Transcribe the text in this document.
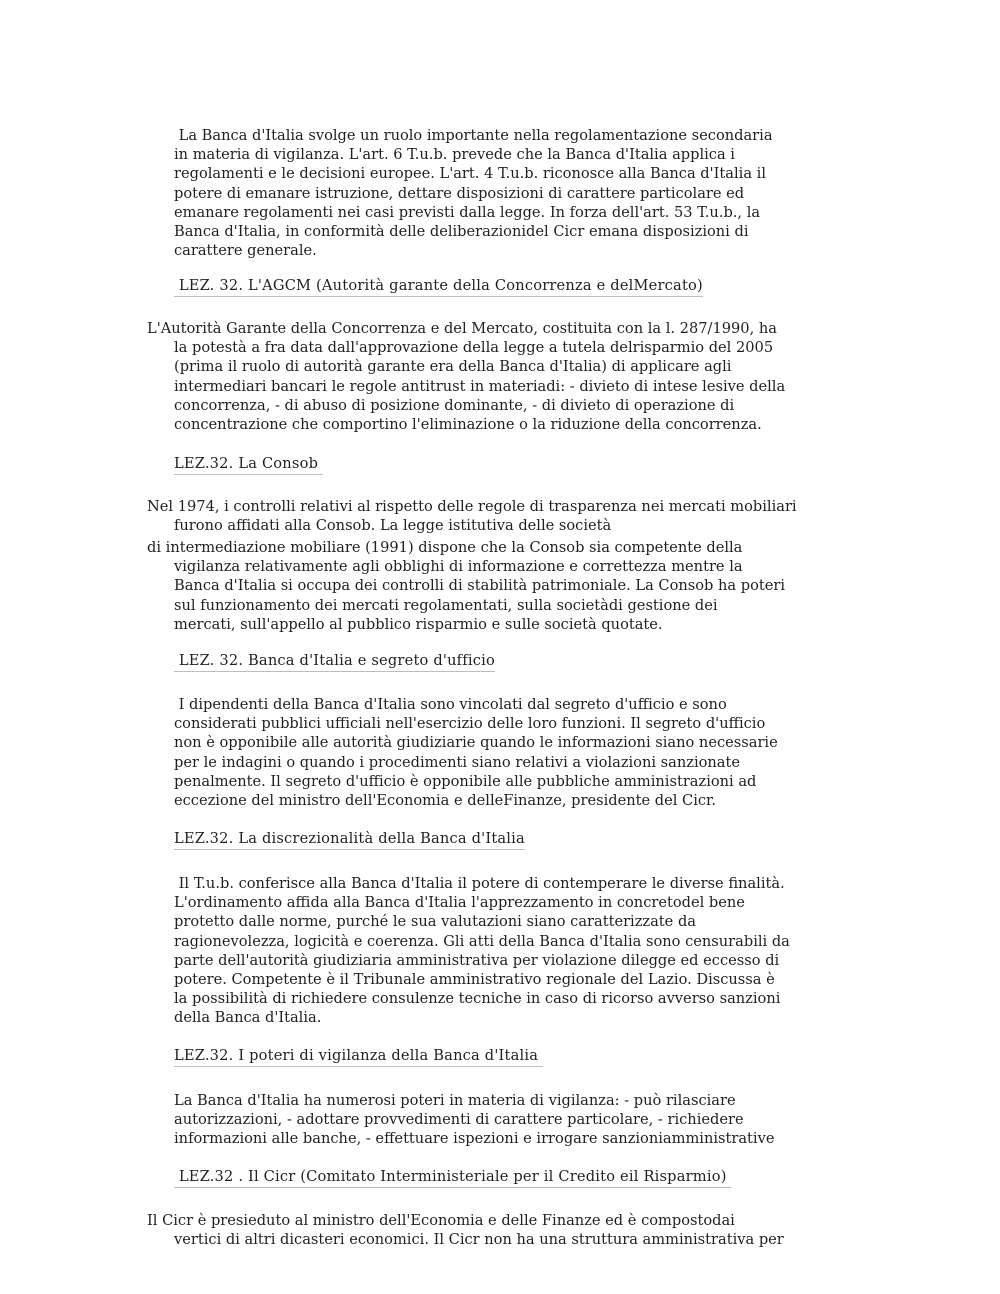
La Banca d'Italia svolge un ruolo importante nella regolamentazione secondaria
in materia di vigilanza. L'art. 6 T.u.b. prevede che la Banca d'Italia applica i
regolamenti e le decisioni europee. L'art. 4 T.u.b. riconosce alla Banca d'Italia il
potere di emanare istruzione, dettare disposizioni di carattere particolare ed
emanare regolamenti nei casi previsti dalla legge. In forza dell'art. 53 T.u.b., la
Banca d'Italia, in conformità delle deliberazionidel Cicr emana disposizioni di
carattere generale.
LEZ. 32. L'AGCM (Autorità garante della Concorrenza e delMercato)
L'Autorità Garante della Concorrenza e del Mercato, costituita con la l. 287/1990, ha
la potestà a fra data dall'approvazione della legge a tutela delrisparmio del 2005
(prima il ruolo di autorità garante era della Banca d'Italia) di applicare agli
intermediari bancari le regole antitrust in materiadi: - divieto di intese lesive della
concorrenza, - di abuso di posizione dominante, - di divieto di operazione di
concentrazione che comportino l'eliminazione o la riduzione della concorrenza.
LEZ.32. La Consob
Nel 1974, i controlli relativi al rispetto delle regole di trasparenza nei mercati mobiliari
furono affidati alla Consob. La legge istitutiva delle società
di intermediazione mobiliare (1991) dispone che la Consob sia competente della
vigilanza relativamente agli obblighi di informazione e correttezza mentre la
Banca d'Italia si occupa dei controlli di stabilità patrimoniale. La Consob ha poteri
sul funzionamento dei mercati regolamentati, sulla societàdi gestione dei
mercati, sull'appello al pubblico risparmio e sulle società quotate.
LEZ. 32. Banca d'Italia e segreto d'ufficio
I dipendenti della Banca d'Italia sono vincolati dal segreto d'ufficio e sono
considerati pubblici ufficiali nell'esercizio delle loro funzioni. Il segreto d'ufficio
non è opponibile alle autorità giudiziarie quando le informazioni siano necessarie
per le indagini o quando i procedimenti siano relativi a violazioni sanzionate
penalmente. Il segreto d'ufficio è opponibile alle pubbliche amministrazioni ad
eccezione del ministro dell'Economia e delleFinanze, presidente del Cicr.
LEZ.32. La discrezionalità della Banca d'Italia
Il T.u.b. conferisce alla Banca d'Italia il potere di contemperare le diverse finalità.
L'ordinamento affida alla Banca d'Italia l'apprezzamento in concretodel bene
protetto dalle norme, purché le sua valutazioni siano caratterizzate da
ragionevolezza, logicità e coerenza. Gli atti della Banca d'Italia sono censurabili da
parte dell'autorità giudiziaria amministrativa per violazione dilegge ed eccesso di
potere. Competente è il Tribunale amministrativo regionale del Lazio. Discussa è
la possibilità di richiedere consulenze tecniche in caso di ricorso avverso sanzioni
della Banca d'Italia.
LEZ.32. I poteri di vigilanza della Banca d'Italia
La Banca d'Italia ha numerosi poteri in materia di vigilanza: - può rilasciare
autorizzazioni, - adottare provvedimenti di carattere particolare, - richiedere
informazioni alle banche, - effettuare ispezioni e irrogare sanzioniamministrative
LEZ.32 . Il Cicr (Comitato Interministeriale per il Credito eil Risparmio)
Il Cicr è presieduto al ministro dell'Economia e delle Finanze ed è compostodai
vertici di altri dicasteri economici. Il Cicr non ha una struttura amministrativa per
